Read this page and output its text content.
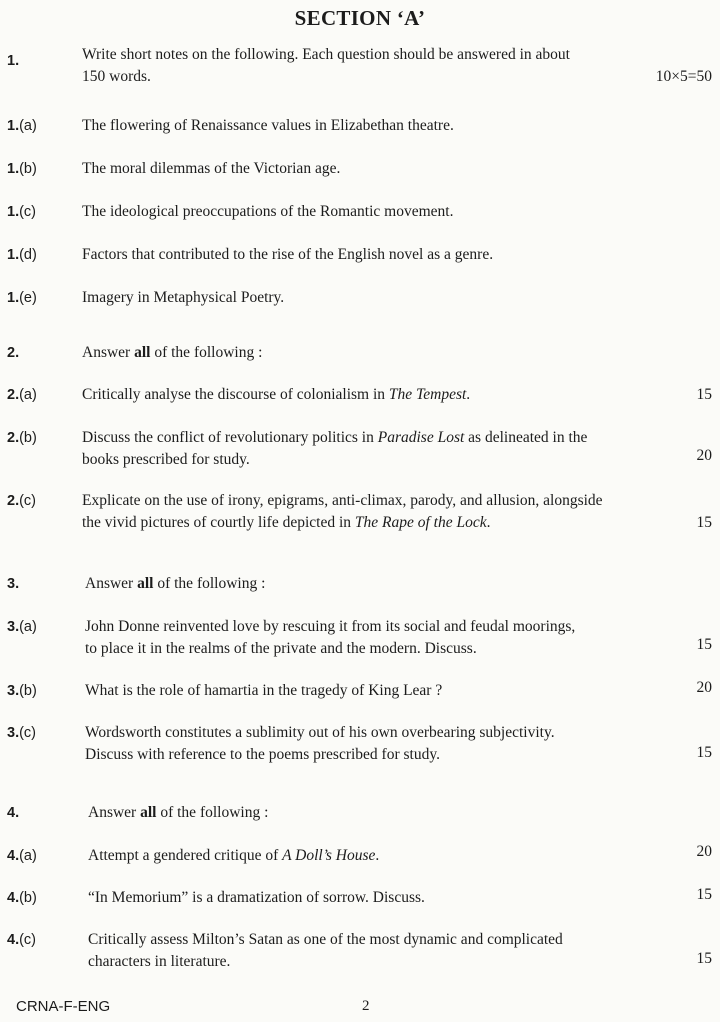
SECTION ‘A’
1.	Write short notes on the following. Each question should be answered in about
150 words.	10×5=50
1.(a)	The flowering of Renaissance values in Elizabethan theatre.
1.(b)	The moral dilemmas of the Victorian age.
1.(c)	The ideological preoccupations of the Romantic movement.
1.(d)	Factors that contributed to the rise of the English novel as a genre.
1.(e)	Imagery in Metaphysical Poetry.
2.	Answer all of the following :
2.(a)	Critically analyse the discourse of colonialism in The Tempest.	15
2.(b)	Discuss the conflict of revolutionary politics in Paradise Lost as delineated in the
books prescribed for study.	20
2.(c)	Explicate on the use of irony, epigrams, anti-climax, parody, and allusion, alongside
the vivid pictures of courtly life depicted in The Rape of the Lock.	15
3.	Answer all of the following :
3.(a)	John Donne reinvented love by rescuing it from its social and feudal moorings,
to place it in the realms of the private and the modern. Discuss.	15
3.(b)	What is the role of hamartia in the tragedy of King Lear ?	20
3.(c)	Wordsworth constitutes a sublimity out of his own overbearing subjectivity.
Discuss with reference to the poems prescribed for study.	15
4.	Answer all of the following :
4.(a)	Attempt a gendered critique of A Doll’s House.	20
4.(b)	“In Memorium” is a dramatization of sorrow. Discuss.	15
4.(c)	Critically assess Milton’s Satan as one of the most dynamic and complicated
characters in literature.	15
CRNA-F-ENG	2
